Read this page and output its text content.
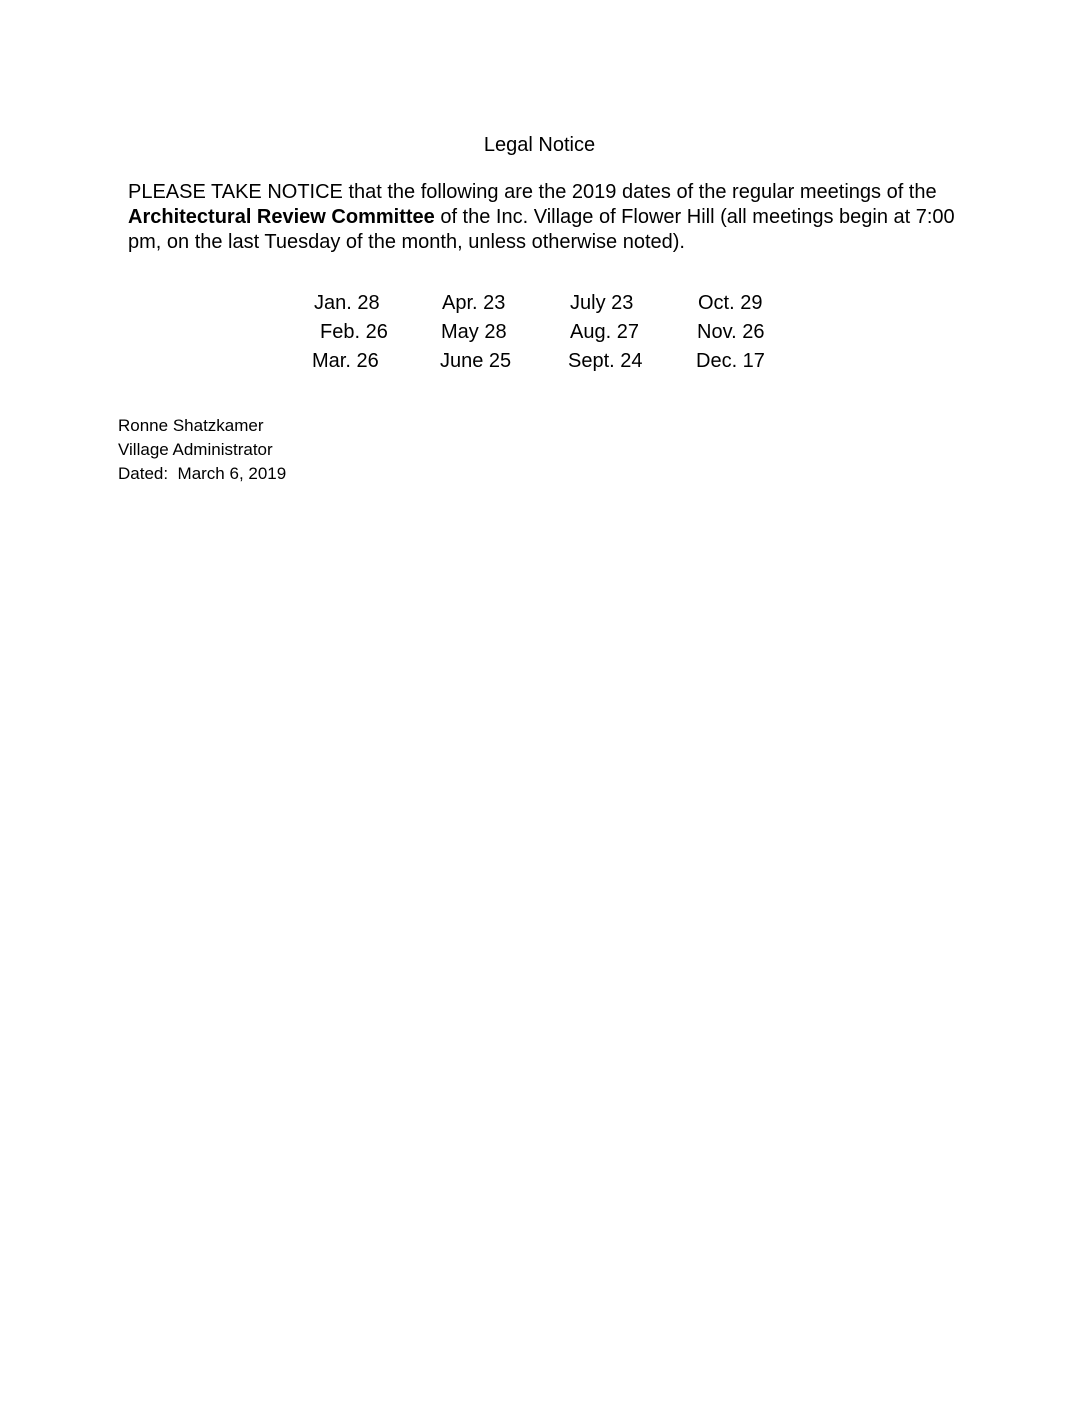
Legal Notice
PLEASE TAKE NOTICE that the following are the 2019 dates of the regular meetings of the Architectural Review Committee of the Inc. Village of Flower Hill (all meetings begin at 7:00 pm, on the last Tuesday of the month, unless otherwise noted).
Jan. 28
Feb. 26
Mar. 26
Apr. 23
May 28
June 25
July 23
Aug. 27
Sept. 24
Oct. 29
Nov. 26
Dec. 17
Ronne Shatzkamer
Village Administrator
Dated:  March 6, 2019
